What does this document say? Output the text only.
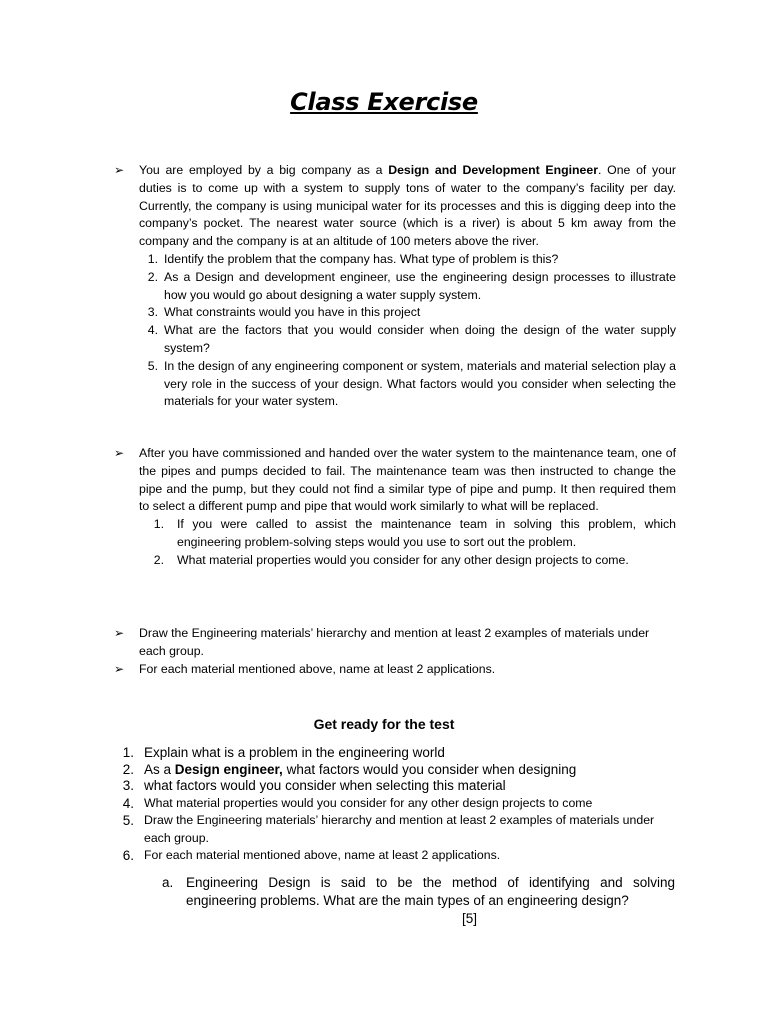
Class Exercise
➢	You are employed by a big company as a Design and Development Engineer. One of your duties is to come up with a system to supply tons of water to the company’s facility per day. Currently, the company is using municipal water for its processes and this is digging deep into the company’s pocket. The nearest water source (which is a river) is about 5 km away from the company and the company is at an altitude of 100 meters above the river.
1. Identify the problem that the company has. What type of problem is this?
2. As a Design and development engineer, use the engineering design processes to illustrate how you would go about designing a water supply system.
3. What constraints would you have in this project
4. What are the factors that you would consider when doing the design of the water supply system?
5. In the design of any engineering component or system, materials and material selection play a very role in the success of your design. What factors would you consider when selecting the materials for your water system.
➢	After you have commissioned and handed over the water system to the maintenance team, one of the pipes and pumps decided to fail. The maintenance team was then instructed to change the pipe and the pump, but they could not find a similar type of pipe and pump. It then required them to select a different pump and pipe that would work similarly to what will be replaced.
1.	If you were called to assist the maintenance team in solving this problem, which engineering problem-solving steps would you use to sort out the problem.
2.	What material properties would you consider for any other design projects to come.
➢	Draw the Engineering materials’ hierarchy and mention at least 2 examples of materials under each group.
➢	For each material mentioned above, name at least 2 applications.
Get ready for the test
1. Explain what is a problem in the engineering world
2. As a Design engineer, what factors would you consider when designing
3. what factors would you consider when selecting this material
4. What material properties would you consider for any other design projects to come
5. Draw the Engineering materials’ hierarchy and mention at least 2 examples of materials under each group.
6. For each material mentioned above, name at least 2 applications.
a. Engineering Design is said to be the method of identifying and solving engineering problems. What are the main types of an engineering design?
[5]
